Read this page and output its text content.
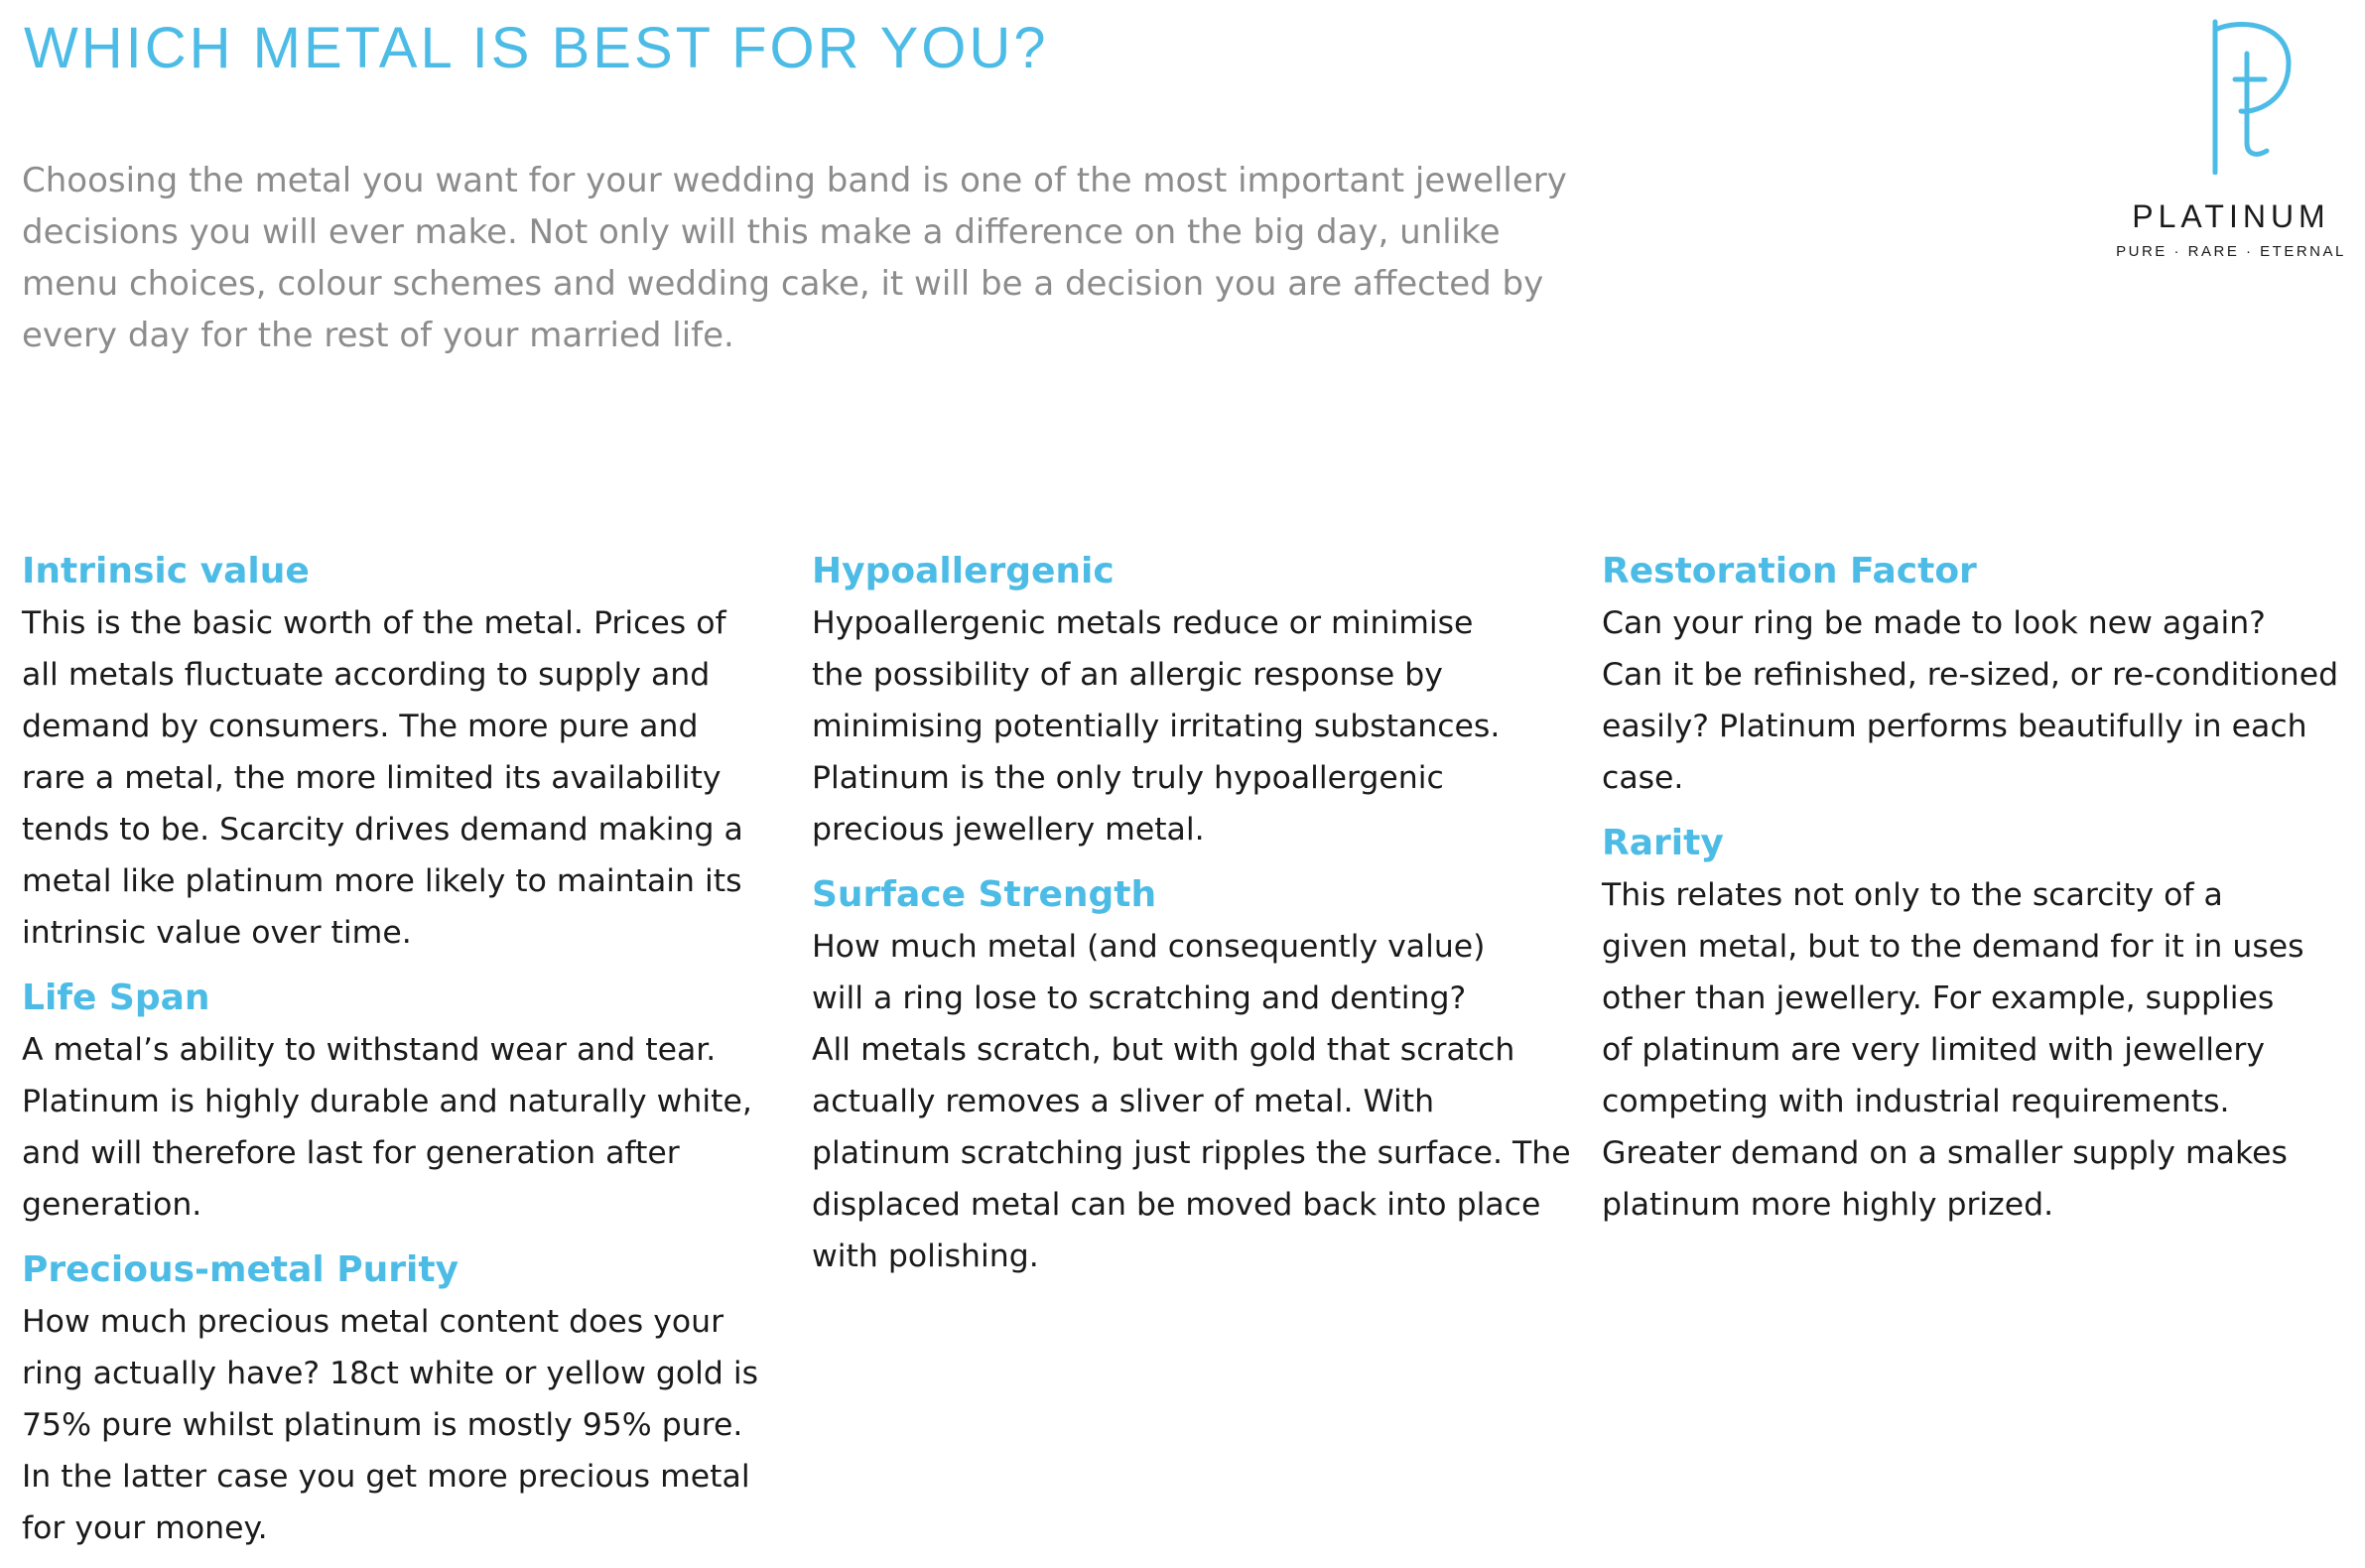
WHICH METAL IS BEST FOR YOU?

Choosing the metal you want for your wedding band is one of the most important jewellery decisions you will ever make. Not only will this make a difference on the big day, unlike menu choices, colour schemes and wedding cake, it will be a decision you are affected by every day for the rest of your married life.

PLATINUM
PURE · RARE · ETERNAL
Intrinsic value

This is the basic worth of the metal. Prices of
all metals fluctuate according to supply and
demand by consumers. The more pure and
rare a metal, the more limited its availability
tends to be. Scarcity drives demand making a
metal like platinum more likely to maintain its
intrinsic value over time.

Life Span

A metal’s ability to withstand wear and tear.
Platinum is highly durable and naturally white,
and will therefore last for generation after
generation.

Precious-metal Purity

How much precious metal content does your
ring actually have? 18ct white or yellow gold is
75% pure whilst platinum is mostly 95% pure.
In the latter case you get more precious metal
for your money.

Hypoallergenic

Hypoallergenic metals reduce or minimise
the possibility of an allergic response by
minimising potentially irritating substances.
Platinum is the only truly hypoallergenic
precious jewellery metal.

Surface Strength

How much metal (and consequently value)
will a ring lose to scratching and denting?
All metals scratch, but with gold that scratch
actually removes a sliver of metal. With
platinum scratching just ripples the surface. The
displaced metal can be moved back into place
with polishing.

Restoration Factor

Can your ring be made to look new again?
Can it be refinished, re-sized, or re-conditioned
easily? Platinum performs beautifully in each
case.

Rarity

This relates not only to the scarcity of a
given metal, but to the demand for it in uses
other than jewellery. For example, supplies
of platinum are very limited with jewellery
competing with industrial requirements.
Greater demand on a smaller supply makes
platinum more highly prized.
